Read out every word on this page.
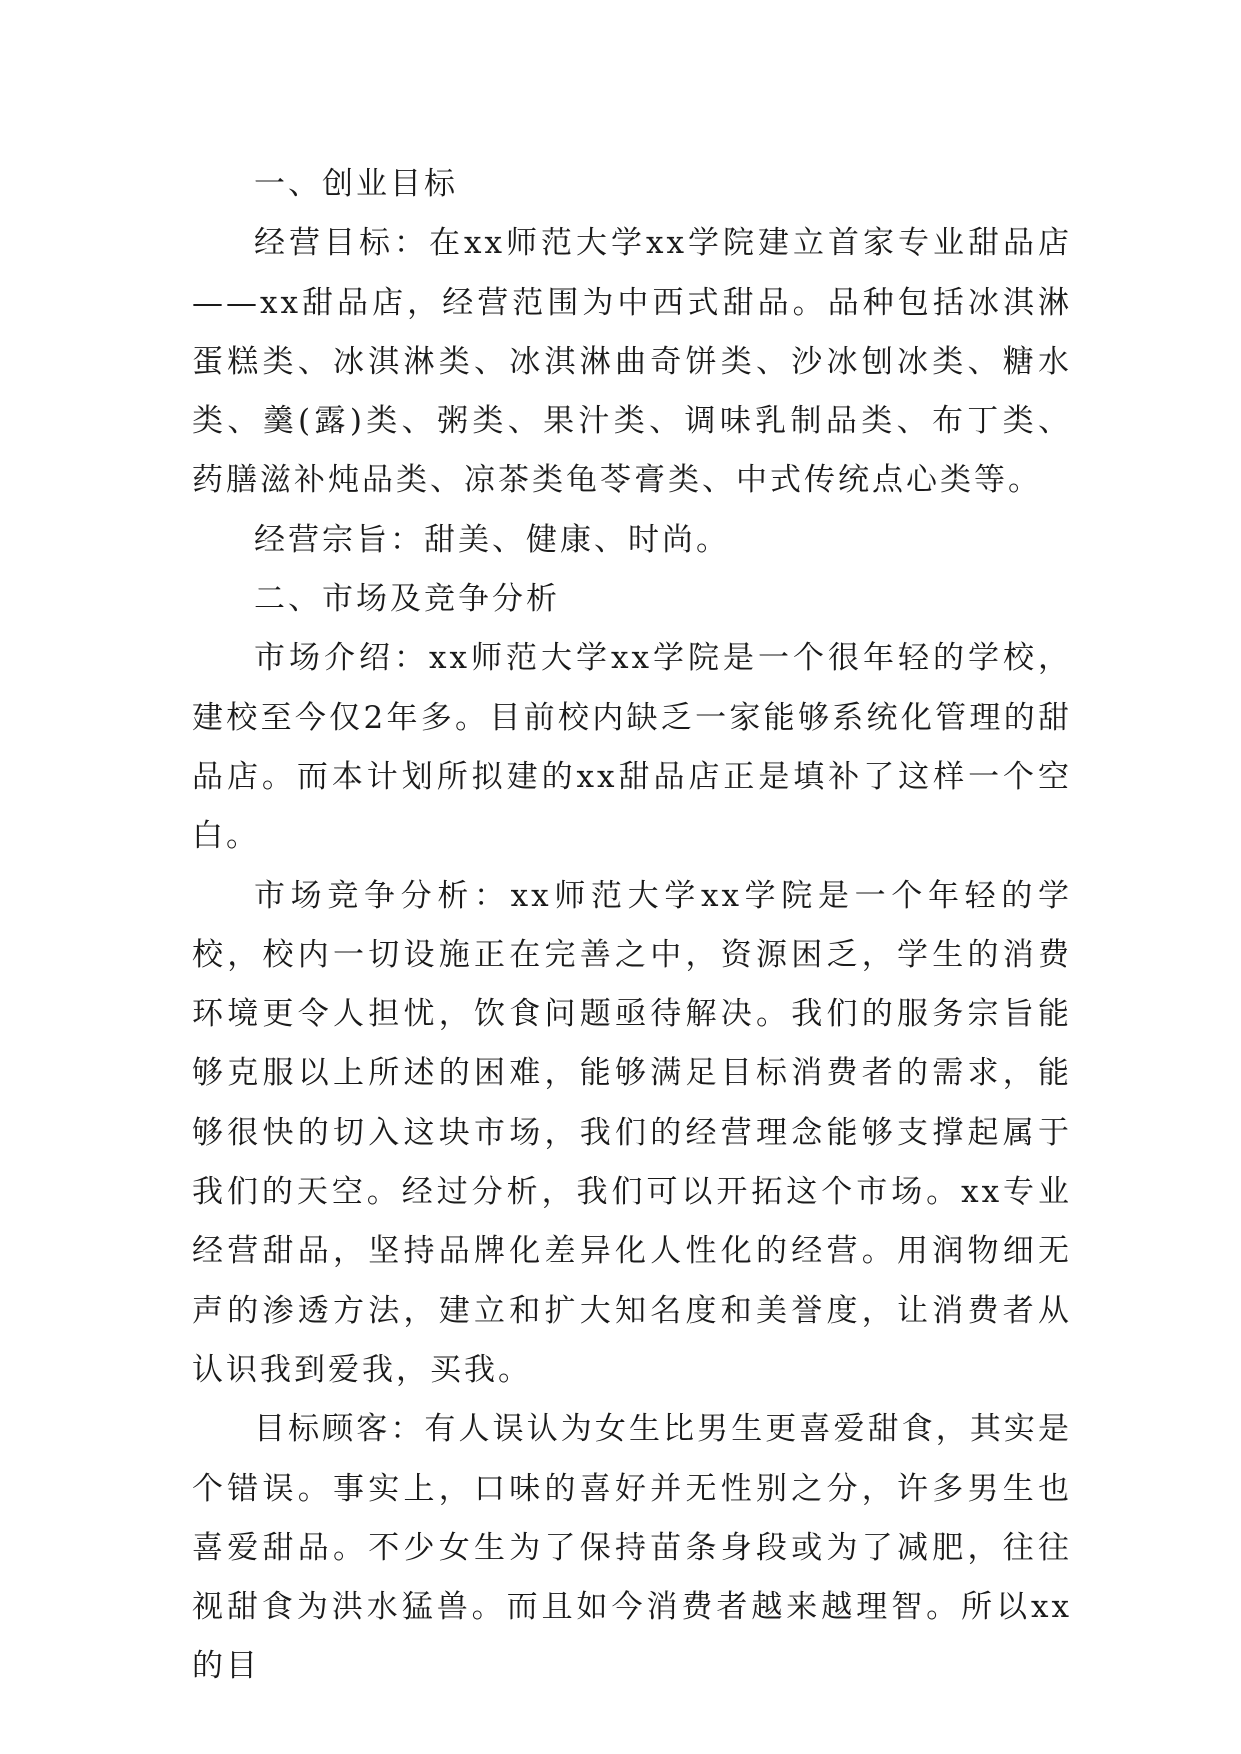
一、创业目标

经营目标：在xx师范大学xx学院建立首家专业甜品店——xx甜品店，经营范围为中西式甜品。品种包括冰淇淋蛋糕类、冰淇淋类、冰淇淋曲奇饼类、沙冰刨冰类、糖水类、羹(露)类、粥类、果汁类、调味乳制品类、布丁类、药膳滋补炖品类、凉茶类龟苓膏类、中式传统点心类等。

经营宗旨：甜美、健康、时尚。

二、市场及竞争分析

市场介绍：xx师范大学xx学院是一个很年轻的学校，建校至今仅2年多。目前校内缺乏一家能够系统化管理的甜品店。而本计划所拟建的xx甜品店正是填补了这样一个空白。

市场竞争分析：xx师范大学xx学院是一个年轻的学校，校内一切设施正在完善之中，资源困乏，学生的消费环境更令人担忧，饮食问题亟待解决。我们的服务宗旨能够克服以上所述的困难，能够满足目标消费者的需求，能够很快的切入这块市场，我们的经营理念能够支撑起属于我们的天空。经过分析，我们可以开拓这个市场。xx专业经营甜品，坚持品牌化差异化人性化的经营。用润物细无声的渗透方法，建立和扩大知名度和美誉度，让消费者从认识我到爱我，买我。

目标顾客：有人误认为女生比男生更喜爱甜食，其实是个错误。事实上，口味的喜好并无性别之分，许多男生也喜爱甜品。不少女生为了保持苗条身段或为了减肥，往往视甜食为洪水猛兽。而且如今消费者越来越理智。所以xx的目
